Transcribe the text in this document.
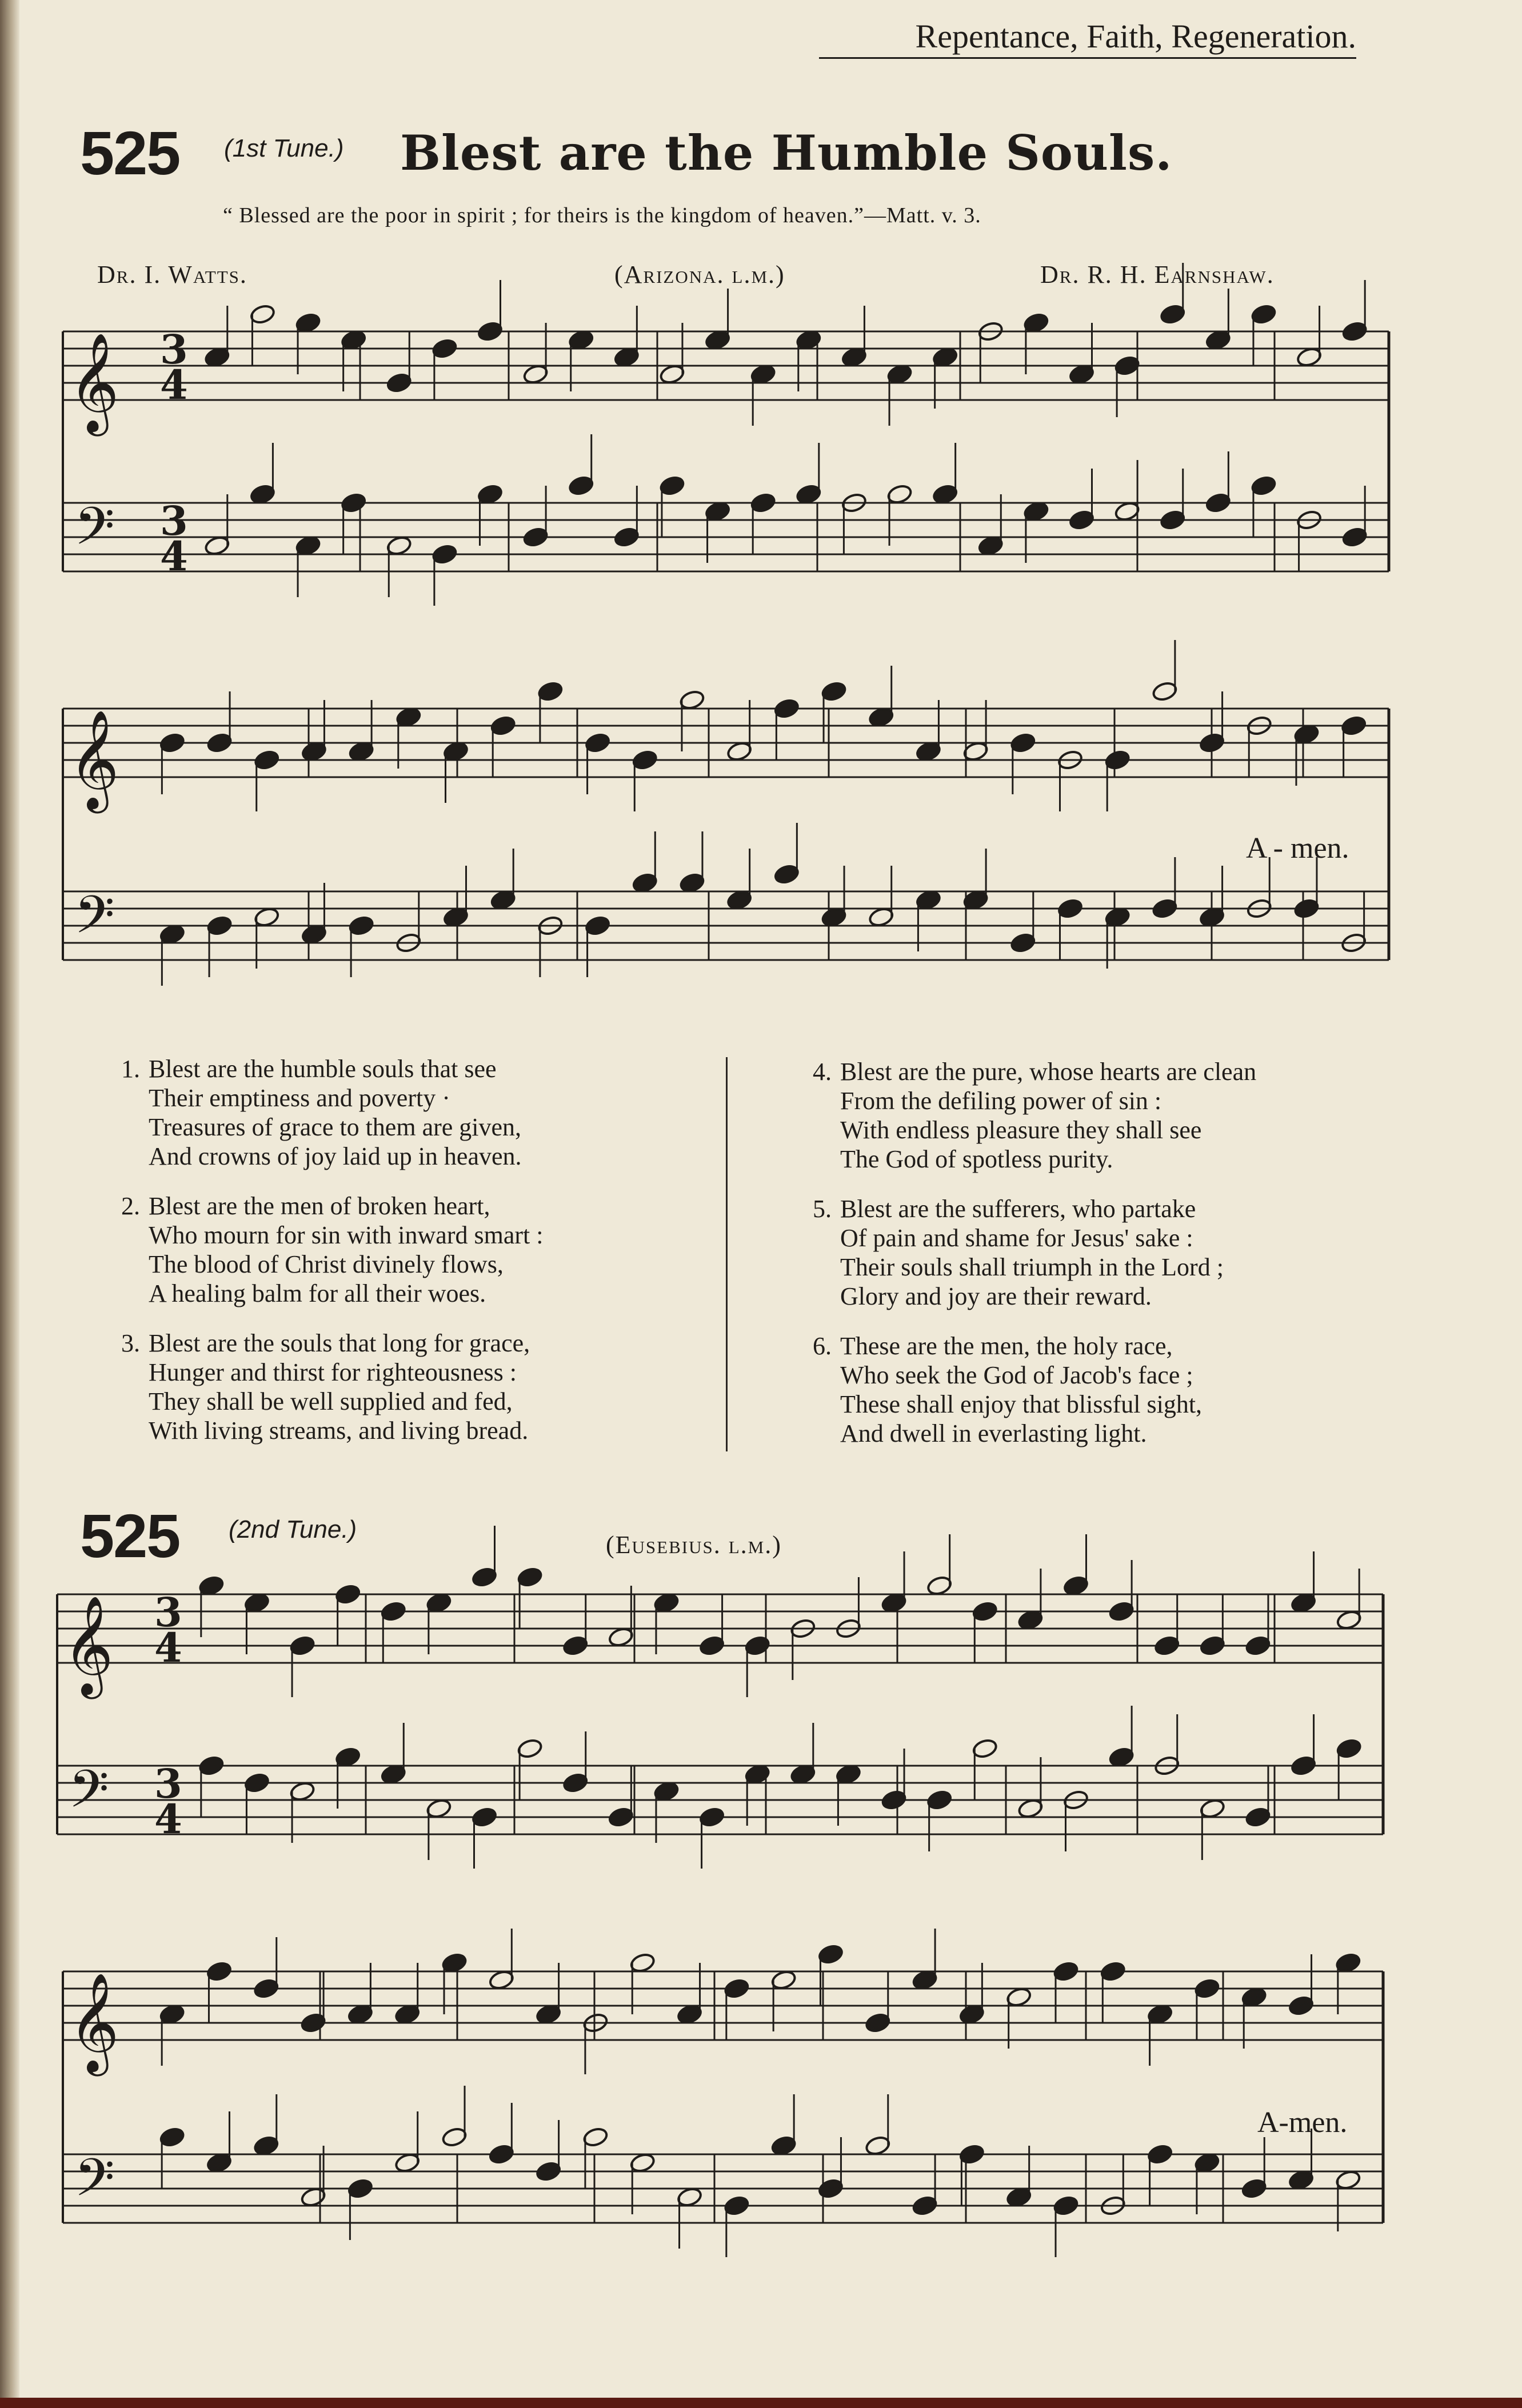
Repentance, Faith, Regeneration.
525 (1st Tune.) Blest are the Humble Souls.
“ Blessed are the poor in spirit ; for theirs is the kingdom of heaven.”—Matt. v. 3.
Dr. I. Watts.	(Arizona. l.m.)	Dr. R. H. Earnshaw.
𝄞
𝄢
3
4
3
4
𝄞
𝄢
𝄞
𝄢
3
4
3
4
𝄞
𝄢
A - men.
1. Blest are the humble souls that see
Their emptiness and poverty ·
Treasures of grace to them are given,
And crowns of joy laid up in heaven.
2. Blest are the men of broken heart,
Who mourn for sin with inward smart :
The blood of Christ divinely flows,
A healing balm for all their woes.
3. Blest are the souls that long for grace,
Hunger and thirst for righteousness :
They shall be well supplied and fed,
With living streams, and living bread.
4. Blest are the pure, whose hearts are clean
From the defiling power of sin :
With endless pleasure they shall see
The God of spotless purity.
5. Blest are the sufferers, who partake
Of pain and shame for Jesus' sake :
Their souls shall triumph in the Lord ;
Glory and joy are their reward.
6. These are the men, the holy race,
Who seek the God of Jacob's face ;
These shall enjoy that blissful sight,
And dwell in everlasting light.
525 (2nd Tune.)
(Eusebius. l.m.)
A-men.
